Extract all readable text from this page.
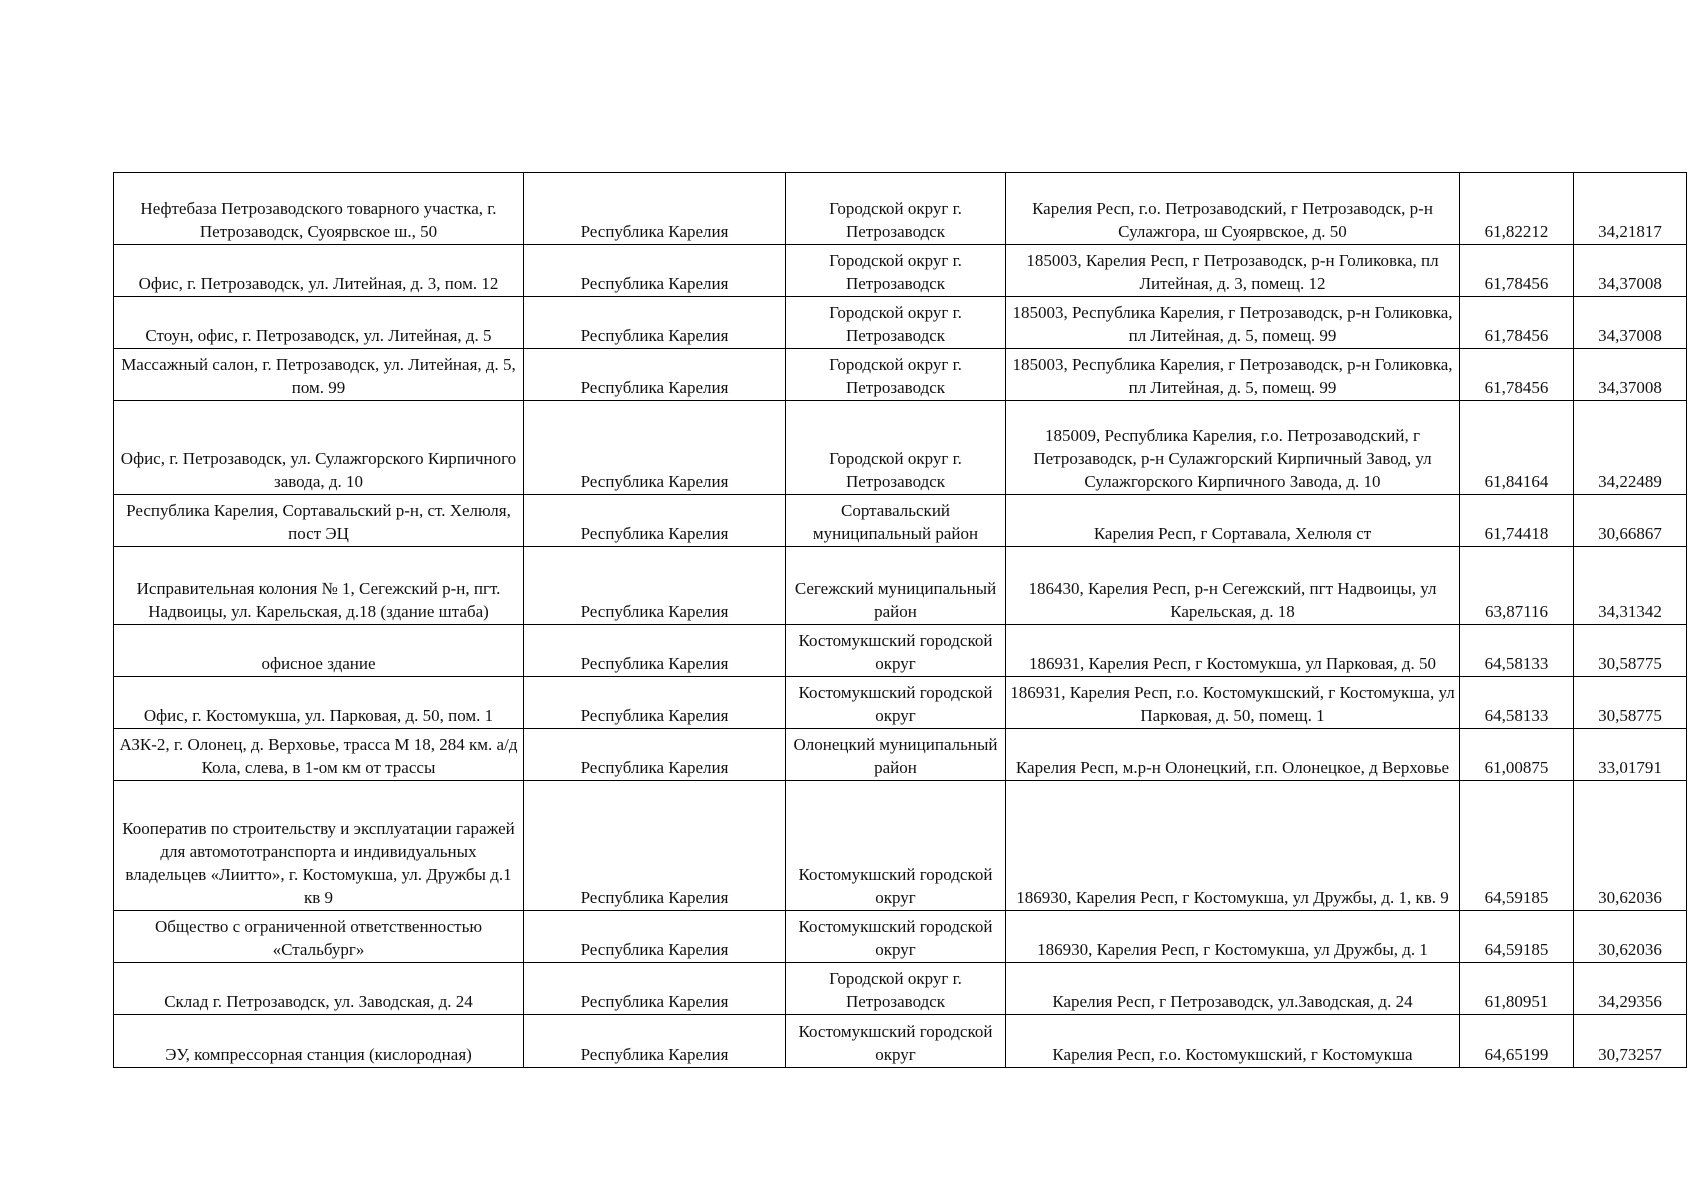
Нефтебаза Петрозаводского товарного участка, г. Петрозаводск, Суоярвское ш., 50	Республика Карелия	Городской округ г. Петрозаводск	Карелия Респ, г.о. Петрозаводский, г Петрозаводск, р-н Сулажгора, ш Суоярвское, д. 50	61,82212	34,21817
Офис, г. Петрозаводск, ул. Литейная, д. 3, пом. 12	Республика Карелия	Городской округ г. Петрозаводск	185003, Карелия Респ, г Петрозаводск, р-н Голиковка, пл Литейная, д. 3, помещ. 12	61,78456	34,37008
Стоун, офис, г. Петрозаводск, ул. Литейная, д. 5	Республика Карелия	Городской округ г. Петрозаводск	185003, Республика Карелия, г Петрозаводск, р-н Голиковка, пл Литейная, д. 5, помещ. 99	61,78456	34,37008
Массажный салон, г. Петрозаводск, ул. Литейная, д. 5, пом. 99	Республика Карелия	Городской округ г. Петрозаводск	185003, Республика Карелия, г Петрозаводск, р-н Голиковка, пл Литейная, д. 5, помещ. 99	61,78456	34,37008
Офис, г. Петрозаводск, ул. Сулажгорского Кирпичного завода, д. 10	Республика Карелия	Городской округ г. Петрозаводск	185009, Республика Карелия, г.о. Петрозаводский, г Петрозаводск, р-н Сулажгорский Кирпичный Завод, ул Сулажгорского Кирпичного Завода, д. 10	61,84164	34,22489
Республика Карелия, Сортавальский р-н, ст. Хелюля, пост ЭЦ	Республика Карелия	Сортавальский муниципальный район	Карелия Респ, г Сортавала, Хелюля ст	61,74418	30,66867
Исправительная колония № 1, Сегежский р-н, пгт. Надвоицы, ул. Карельская, д.18 (здание штаба)	Республика Карелия	Сегежский муниципальный район	186430, Карелия Респ, р-н Сегежский, пгт Надвоицы, ул Карельская, д. 18	63,87116	34,31342
офисное здание	Республика Карелия	Костомукшский городской округ	186931, Карелия Респ, г Костомукша, ул Парковая, д. 50	64,58133	30,58775
Офис, г. Костомукша, ул. Парковая, д. 50, пом. 1	Республика Карелия	Костомукшский городской округ	186931, Карелия Респ, г.о. Костомукшский, г Костомукша, ул Парковая, д. 50, помещ. 1	64,58133	30,58775
АЗК-2, г. Олонец, д. Верховье, трасса М 18, 284 км. а/д Кола, слева, в 1-ом км от трассы	Республика Карелия	Олонецкий муниципальный район	Карелия Респ, м.р-н Олонецкий, г.п. Олонецкое, д Верховье	61,00875	33,01791
Кооператив по строительству и эксплуатации гаражей для автомототранспорта и индивидуальных владельцев «Лиитто», г. Костомукша, ул. Дружбы д.1 кв 9	Республика Карелия	Костомукшский городской округ	186930, Карелия Респ, г Костомукша, ул Дружбы, д. 1, кв. 9	64,59185	30,62036
Общество с ограниченной ответственностью «Стальбург»	Республика Карелия	Костомукшский городской округ	186930, Карелия Респ, г Костомукша, ул Дружбы, д. 1	64,59185	30,62036
Склад г. Петрозаводск, ул. Заводская, д. 24	Республика Карелия	Городской округ г. Петрозаводск	Карелия Респ, г Петрозаводск, ул.Заводская, д. 24	61,80951	34,29356
ЭУ, компрессорная станция (кислородная)	Республика Карелия	Костомукшский городской округ	Карелия Респ, г.о. Костомукшский, г Костомукша	64,65199	30,73257
